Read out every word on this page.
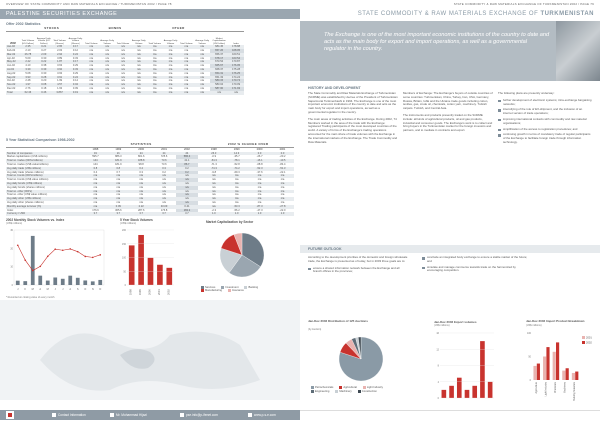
OVERVIEW OF STATE COMMODITY AND RAW MATERIALS EXCHANGE / TURKMENISTAN 2002 / PAGE 78
PALESTINE SECURITIES EXCHANGE
Offer 2002 Statistics
	STOCKS				BONDS				OTHER					
2002	Total Volume (US Dollars)	Average Daily Volume (US Dollars)	Total Volume (Shares)	Average Daily Volume (Shares)	Total Volume	Average Daily Volume	Total Volume	Average Daily Volume	Total Volume	Average Daily Volume	Total Volume	Average Daily Volume	Market Capitalization (US Dollars)	Index
Jan-02	2.35	0.21	2.65	0.17	n/a	n/a	n/a	n/a	n/a	n/a	n/a	n/a	684.45	178.88
Feb-02	2.10	0.27	2.03	0.12	n/a	n/a	n/a	n/a	n/a	n/a	n/a	n/a	657.26	168.05
Mar-02	26.78	2.09	2.94	0.24	n/a	n/a	n/a	n/a	n/a	n/a	n/a	n/a	656.37	160.51
Apr-02	5.09	0.30	3.89	0.33	n/a	n/a	n/a	n/a	n/a	n/a	n/a	n/a	678.17	163.54
May-02	2.42	0.22	1.87	0.17	n/a	n/a	n/a	n/a	n/a	n/a	n/a	n/a	673.54	170.87
Jun-02	4.10	0.38	3.63	0.29	n/a	n/a	n/a	n/a	n/a	n/a	n/a	n/a	665.67	176.05
Jul-02	3.39	0.39	3.92	0.33	n/a	n/a	n/a	n/a	n/a	n/a	n/a	n/a	668.37	175.28
Aug-02	5.08	0.30	3.93	0.29	n/a	n/a	n/a	n/a	n/a	n/a	n/a	n/a	654.31	176.25
Sep-02	3.93	0.28	3.91	0.24	n/a	n/a	n/a	n/a	n/a	n/a	n/a	n/a	651.33	174.24
Oct-02	2.48	0.20	1.99	0.14	n/a	n/a	n/a	n/a	n/a	n/a	n/a	n/a	580.15	170.74
Nov-02	1.97	0.08	4.57	0.04	n/a	n/a	n/a	n/a	n/a	n/a	n/a	n/a	583.04	170.09
Dec-02	2.76	0.18	1.93	0.09	n/a	n/a	n/a	n/a	n/a	n/a	n/a	n/a	587.00	171.93
Total	62.46	0.46	3.867	0.19	n/a	n/a	n/a	n/a	n/a	n/a	n/a	n/a	n/a	n/a
5 Year Statistical Comparison 1998-2002
	STATISTICS						2002 % CHANGE OVER			
	1998	1999	2000	2001	2002		1998	1999	2000	2001
Number of companies	19	21	24	24	24		26.3	14.3	0.0	0.0
Market capitalization (US$ millions)	595.7	886.3	801.6	725.6	586.4		-0.9	-35.7	-26.7	-20.2
Total no. trades (000's/millions)	144	181.9	188.8	73.6	41.1		-54.3	-78.1	-16.1	-10.5
Total no. trades (US$ value/millions)	144	181.9	98.8	73.6	86.7		-71.3	-52.8	-08.8	-84.4
Avg daily trade (US$ millions)	0.8	0.8	0.4	0.3	0.2		-74.3	-74.2	-52.3	-51.3
Avg daily trade (shares millions)	0.4	0.7	0.3	0.2	0.2		-9.8	-69.3	-37.6	-22.1
Total no. bonds (000's/millions)	n/a	n/a	n/a	n/a	n/a		n/a	n/a	n/a	n/a
Total no. bonds (US$ value millions)	n/a	n/a	n/a	n/a	n/a		n/a	n/a	n/a	n/a
Avg daily bonds (US$ millions)	n/a	n/a	n/a	n/a	n/a		n/a	n/a	n/a	n/a
Avg daily bonds (shares millions)	n/a	n/a	n/a	n/a	n/a		n/a	n/a	n/a	n/a
Total no. other (000's)	n/a	n/a	n/a	n/a	n/a		n/a	n/a	n/a	n/a
Total no. other (US$ value millions)	n/a	n/a	n/a	n/a	n/a		n/a	n/a	n/a	n/a
Avg daily other (US$ millions)	n/a	n/a	n/a	n/a	n/a		n/a	n/a	n/a	n/a
Avg daily other (shares millions)	n/a	n/a	n/a	n/a	n/a		n/a	n/a	n/a	n/a
Monthly average turnover (%)	n/a	0.09	2.22	40.09	0.41		n/a	-53.3	-87.3	-27.8
Index	176.6	365.6	287.6	176.8	182.2		-2.3	-56.2	-47.3	-22.0
Currency / USD	3.7	3.7	3.7	3.7	3.7		1.0	1.0	1.0	1.0
2002 Monthly Stock Volumes vs. Index
(US$ millions)
J F M A M J J A S O N D
0
10
20
30
* Recorded on closing value of every month
5 Year Stock Volumes
(US$ millions)
1998	1999	2000	2001	2002
0
50
100
150
200
Market Capitalization by Sector
Services	Investment	BankingManufacturing	Insurance
Contact Information	Mr. Mohammad Hijazi	pse.info@p-ifenet.com	www.p-s-e.com
STATE COMMODITY & RAW MATERIALS EXCHANGE OF TURKMENISTAN 2002 / PAGE 79
STATE COMMODITY & RAW MATERIALS EXCHANGE OF TURKMENISTAN
The Exchange is one of the most important economic institutions of the country to date and acts as the main body for export and import operations, as well as a governmental regulator in the country.
HISTORY AND DEVELOPMENT

The State Commodity and Raw Materials Exchange of Turkmenistan (SCRME) was established by decree of the President of Turkmenistan Saparmurat Turkmenbashi in 1994. The Exchange is one of the most important economic institutions of the country to date and acts as the main body for export and import operations, as well as a governmental regulator in the country.

The main areas of trading activities of the Exchange. During 2002, 74 Members worked in the area of the trade with the Exchange: registered Trading participants of the most developed countries of the world. A variety of forms of the Exchange's trading operations accounted for the main share of trade volumes with the Exchange in the international markets of the Exchange. The Trade Commodity and Raw Materials.

Members of Exchange: The Exchange's buyers of outside countries of some countries: Turkmenistan, China, Turkey, Iran, USA, Germany, Russia, Britain, UAE and the Ukraine trade goods including cotton, textiles, gas, crude oil, chemicals, cotton yarn, machinery. Turkish carpets. Turkish, and Central Asia.

The instruments and products presently traded on the SCRME include: all kinds of agricultural products, oil and gas products, industrial and consumer goods. The Exchange's work is to collect and bring buyers in the Turkmenistan market for the foreign investors and partners, and to mediate in contracts and export.

The following plans are presently underway:

further development of electronic systems; intra-exchange bargaining networks;
intensifying of the role of EX-shipment, and the inclusion of an internet version of trade operations;
improving international contacts with commodity and raw material organisations;
simplification of the access to registration procedures; and
continuing growth in terms of mandatory trade of regular participants of the Exchange to facilitate foreign trade through information technology.
FUTURE OUTLOOK

According to the development priorities of the domestic and foreign wholesale trade, the Exchange is presented as of today, but in 2003 three goals are to:

ensure a shared information network between the Exchange and all branch offices in the provinces;
conclude an integrated body exchange to ensure a stable market of the future; and
simulate and manage commerce towards trade on the harmonized by encouraging competition.
Jan-Dec 2002 Distribution of 125 Auctions
(by Auction)
Petrochemicals	Agricultural	Light IndustryEngineering	Machinery	Construction
Jan-Dec 2002 Export volumes
(US$ millions)
0
4
8
12
16
Jan-Dec 2002 Import Product Breakdown
(US$ millions)
Agriculture	Light Industry	Chemicals	Machinery	Building Materials
0
50
100
2001
2002
